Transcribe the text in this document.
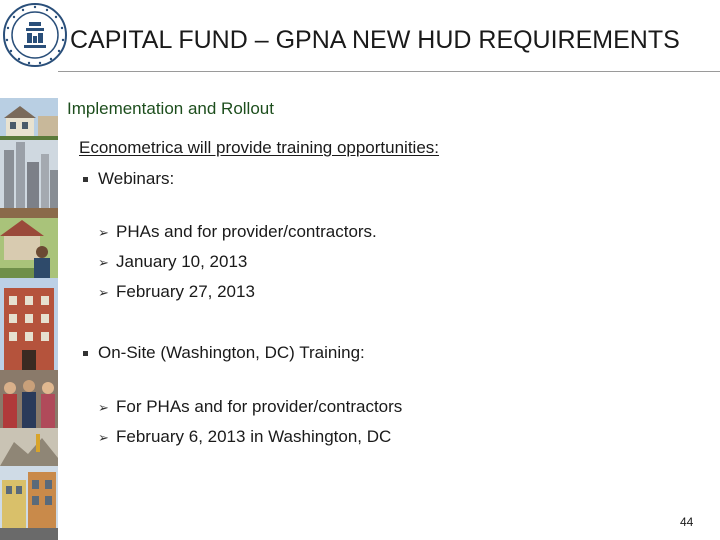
CAPITAL FUND – GPNA NEW HUD REQUIREMENTS
Implementation and Rollout
Econometrica will provide training opportunities:
Webinars:
➢ PHAs and for provider/contractors.
➢ January 10, 2013
➢ February 27, 2013
On-Site (Washington, DC) Training:
➢ For PHAs and for provider/contractors
➢ February 6, 2013 in Washington, DC
44
